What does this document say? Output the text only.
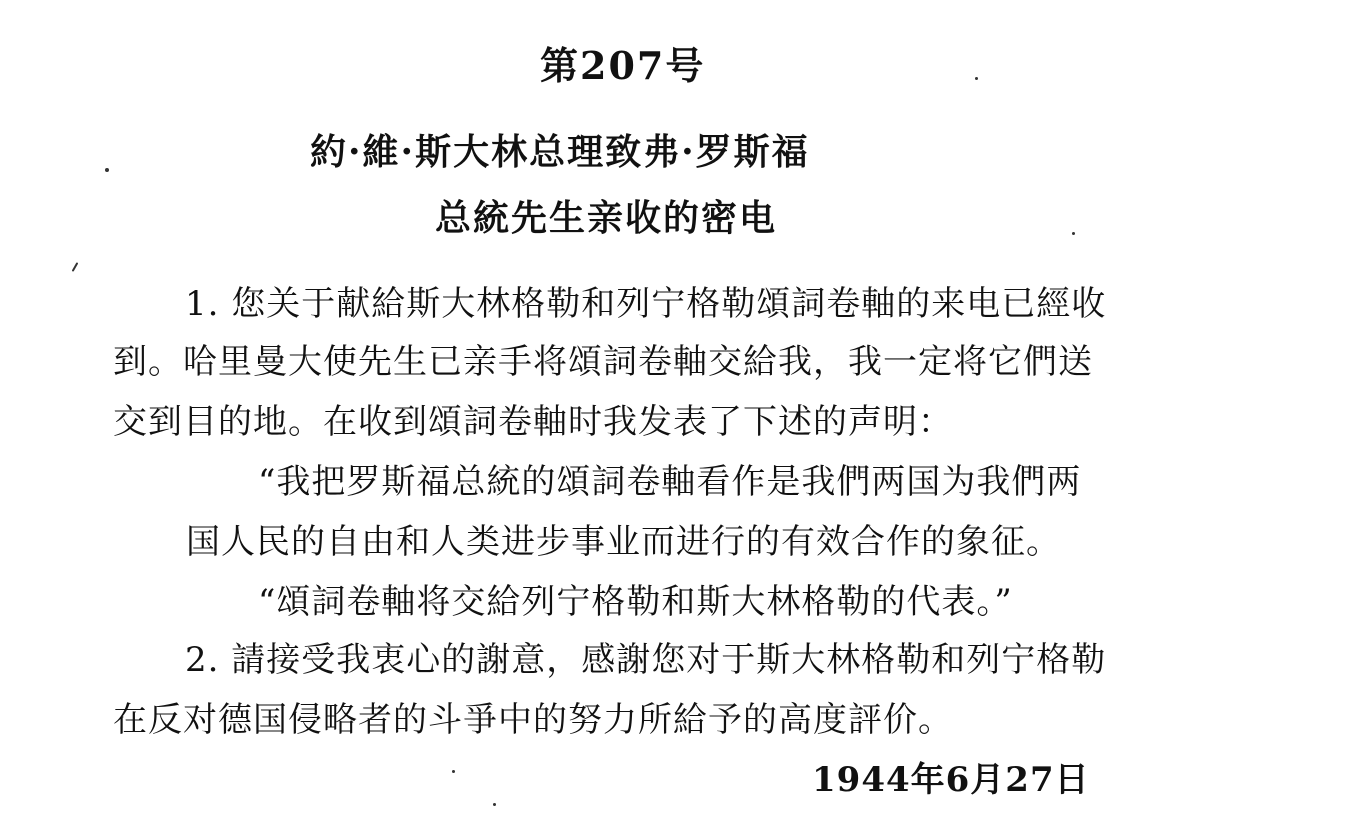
第207号
約·維·斯大林总理致弗·罗斯福
总統先生亲收的密电
1. 您关于献給斯大林格勒和列宁格勒頌詞卷軸的来电已經收
到。哈里曼大使先生已亲手将頌詞卷軸交給我，我一定将它們送
交到目的地。在收到頌詞卷軸时我发表了下述的声明：
“我把罗斯福总統的頌詞卷軸看作是我們两国为我們两
国人民的自由和人类进步事业而进行的有效合作的象征。
“頌詞卷軸将交給列宁格勒和斯大林格勒的代表。”
2. 請接受我衷心的謝意，感謝您对于斯大林格勒和列宁格勒
在反对德国侵略者的斗爭中的努力所給予的高度評价。
1944年6月27日
